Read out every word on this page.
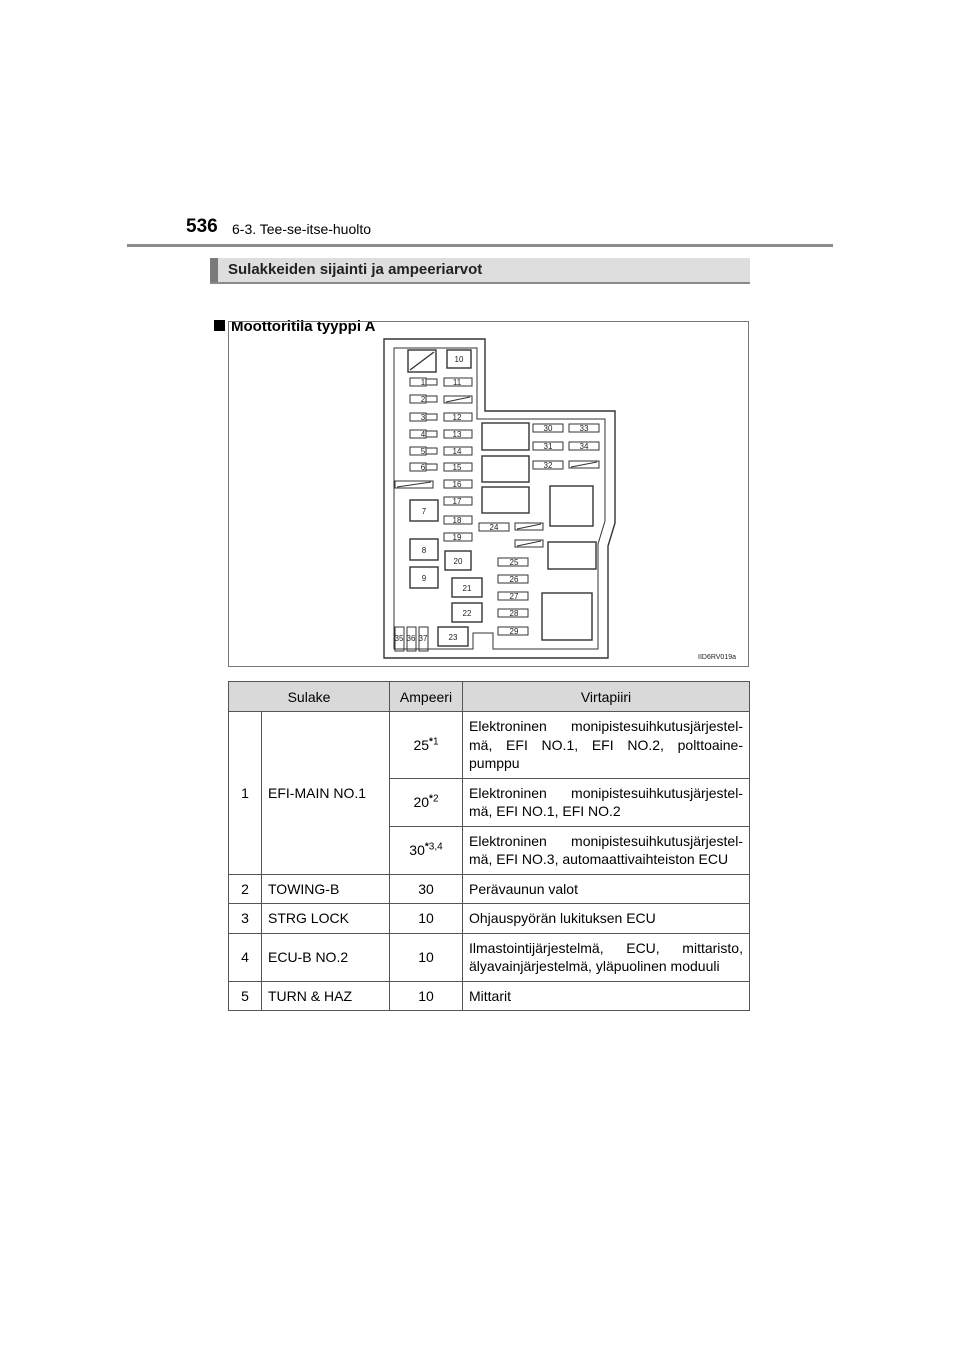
536 6-3. Tee-se-itse-huolto
Sulakkeiden sijainti ja ampeeriarvot
Moottoritila tyyppi A
1
2
3
4
5
6
7
8
9
10
11
12
13
14
15
16
17
18
19
20
21
22
23
24
25
26
27
28
29
30
31
32
33
34
35 36 37
IID6RV019a
Sulake		Ampeeri	Virtapiiri
1	EFI-MAIN NO.1	25$^{*1}$	Elektroninen monipistesuihkutusjärjestel-mä, EFI NO.1, EFI NO.2, polttoaine-pumppu
		20$^{*2}$	Elektroninen monipistesuihkutusjärjestel-mä, EFI NO.1, EFI NO.2
		30$^{*3,4}$	Elektroninen monipistesuihkutusjärjestel-mä, EFI NO.3, automaattivaihteiston ECU
2	TOWING-B	30	Perävaunun valot
3	STRG LOCK	10	Ohjauspyörän lukituksen ECU
4	ECU-B NO.2	10	Ilmastointijärjestelmä, ECU, mittaristo, älyavainjärjestelmä, yläpuolinen moduuli
5	TURN & HAZ	10	Mittarit
